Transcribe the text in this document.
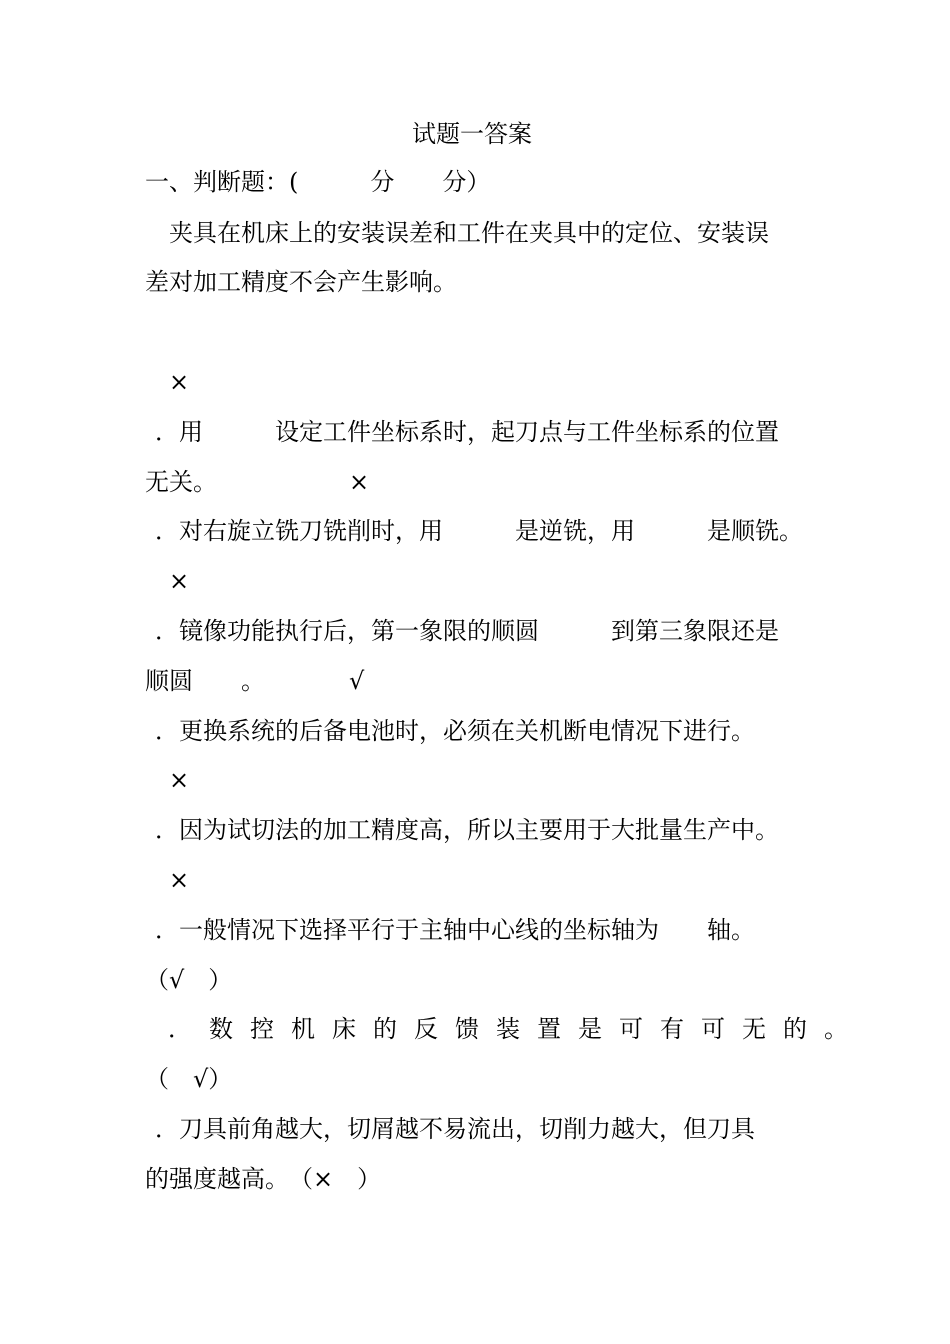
试题一答案
一、判断题：(　　　分　　分）
　夹具在机床上的安装误差和工件在夹具中的定位、安装误
差对加工精度不会产生影响。
　×
．用　　　设定工件坐标系时，起刀点与工件坐标系的位置
无关。　　　　　　×
．对右旋立铣刀铣削时，用　　　是逆铣，用　　　是顺铣。
　×
．镜像功能执行后，第一象限的顺圆　　　到第三象限还是
顺圆　　。　　　　√
．更换系统的后备电池时，必须在关机断电情况下进行。
　×
．因为试切法的加工精度高，所以主要用于大批量生产中。
　×
．一般情况下选择平行于主轴中心线的坐标轴为　　轴。
（√　）
．数控机床的反馈装置是可有可无的。
（　√）
．刀具前角越大，切屑越不易流出，切削力越大，但刀具
的强度越高。　（×　）
